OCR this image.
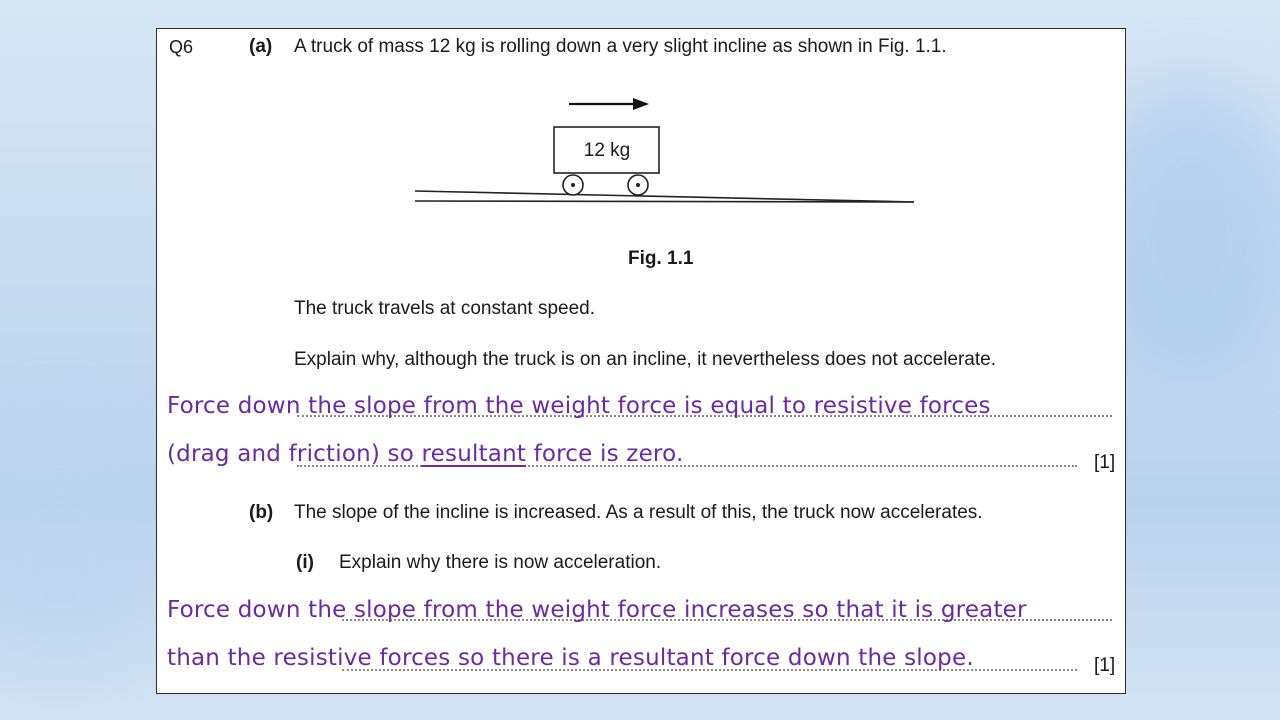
Q6	(a) A truck of mass 12 kg is rolling down a very slight incline as shown in Fig. 1.1.
12 kg
Fig. 1.1
The truck travels at constant speed.
Explain why, although the truck is on an incline, it nevertheless does not accelerate.
Force down the slope from the weight force is equal to resistive forces
(drag and friction) so resultant force is zero.	[1]
(b) The slope of the incline is increased. As a result of this, the truck now accelerates.
(i) Explain why there is now acceleration.
Force down the slope from the weight force increases so that it is greater
than the resistive forces so there is a resultant force down the slope.	[1]
